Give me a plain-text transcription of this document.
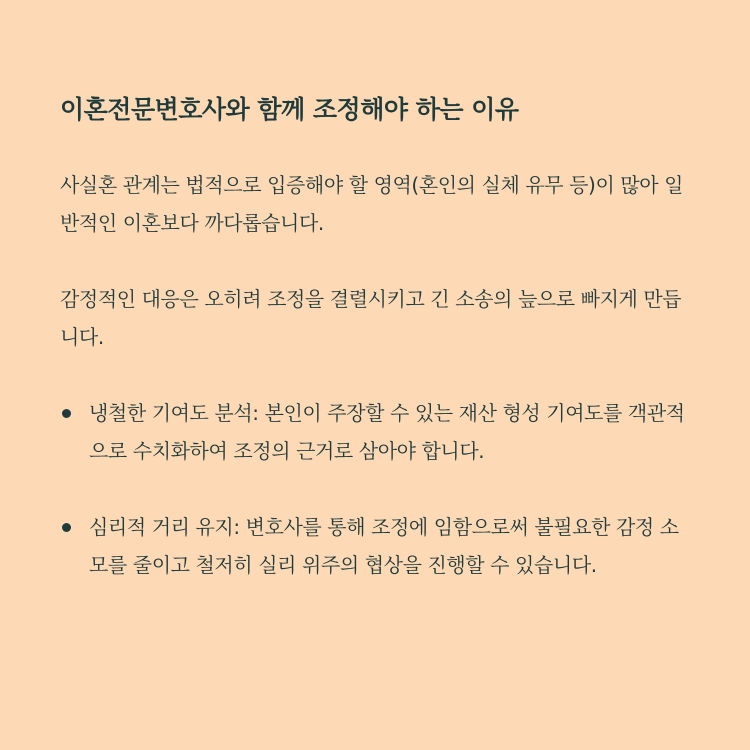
이혼전문변호사와 함께 조정해야 하는 이유

사실혼 관계는 법적으로 입증해야 할 영역(혼인의 실체 유무 등)이 많아 일반적인 이혼보다 까다롭습니다.

감정적인 대응은 오히려 조정을 결렬시키고 긴 소송의 늪으로 빠지게 만듭니다.

냉철한 기여도 분석: 본인이 주장할 수 있는 재산 형성 기여도를 객관적으로 수치화하여 조정의 근거로 삼아야 합니다.
심리적 거리 유지: 변호사를 통해 조정에 임함으로써 불필요한 감정 소모를 줄이고 철저히 실리 위주의 협상을 진행할 수 있습니다.
